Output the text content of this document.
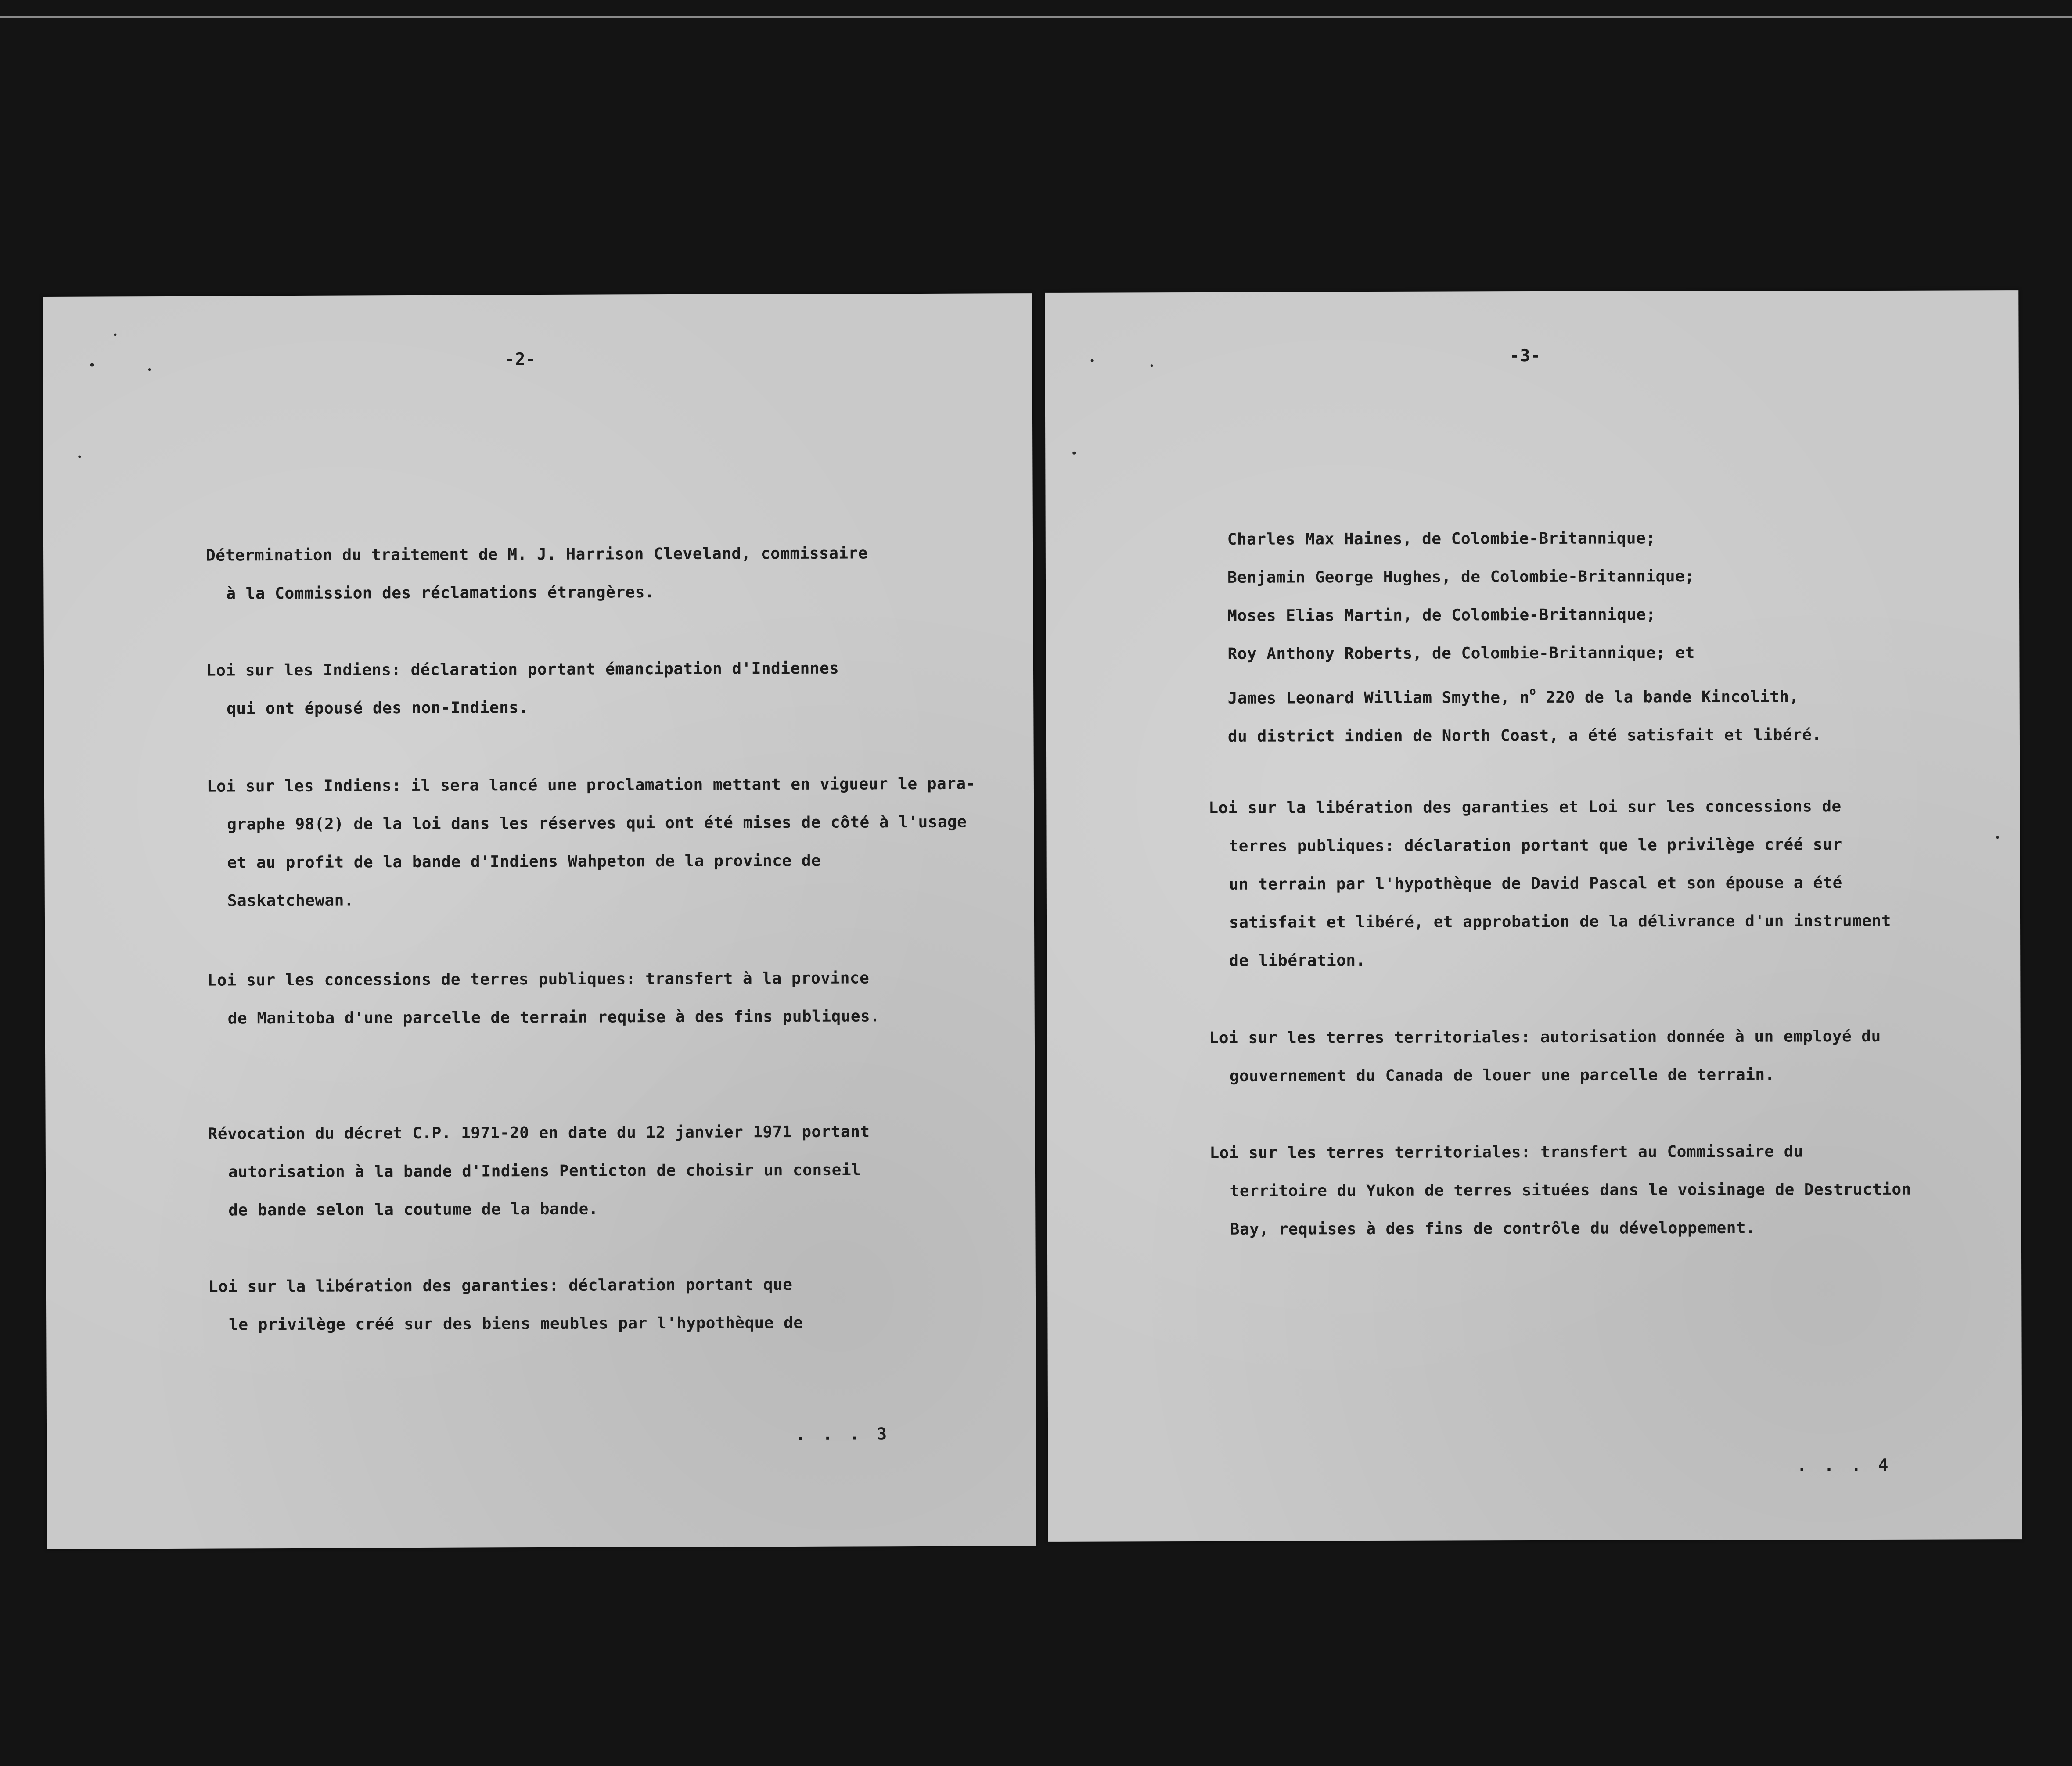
-2-
Détermination du traitement de M. J. Harrison Cleveland, commissaire
à la Commission des réclamations étrangères.
Loi sur les Indiens: déclaration portant émancipation d'Indiennes
qui ont épousé des non-Indiens.
Loi sur les Indiens: il sera lancé une proclamation mettant en vigueur le para-
graphe 98(2) de la loi dans les réserves qui ont été mises de côté à l'usage
et au profit de la bande d'Indiens Wahpeton de la province de
Saskatchewan.
Loi sur les concessions de terres publiques: transfert à la province
de Manitoba d'une parcelle de terrain requise à des fins publiques.
Révocation du décret C.P. 1971-20 en date du 12 janvier 1971 portant
autorisation à la bande d'Indiens Penticton de choisir un conseil
de bande selon la coutume de la bande.
Loi sur la libération des garanties: déclaration portant que
le privilège créé sur des biens meubles par l'hypothèque de
. . . 3
-3-
Charles Max Haines, de Colombie-Britannique;
Benjamin George Hughes, de Colombie-Britannique;
Moses Elias Martin, de Colombie-Britannique;
Roy Anthony Roberts, de Colombie-Britannique; et
James Leonard William Smythe, $n^o$ 220 de la bande Kincolith,
du district indien de North Coast, a été satisfait et libéré.
Loi sur la libération des garanties et Loi sur les concessions de
terres publiques: déclaration portant que le privilège créé sur
un terrain par l'hypothèque de David Pascal et son épouse a été
satisfait et libéré, et approbation de la délivrance d'un instrument
de libération.
Loi sur les terres territoriales: autorisation donnée à un employé du
gouvernement du Canada de louer une parcelle de terrain.
Loi sur les terres territoriales: transfert au Commissaire du
territoire du Yukon de terres situées dans le voisinage de Destruction
Bay, requises à des fins de contrôle du développement.
. . . 4
